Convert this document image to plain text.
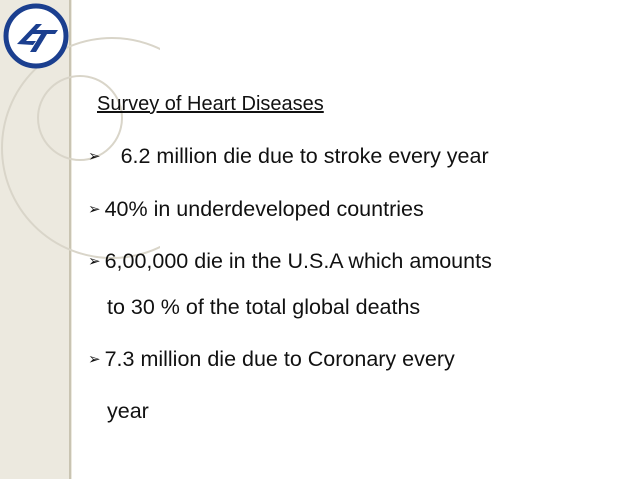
Survey of Heart Diseases
➢ 6.2 million die due to stroke every year
➢ 40% in underdeveloped countries
➢ 6,00,000 die in the U.S.A which amounts
to 30 % of the total global deaths
➢ 7.3 million die due to Coronary every
year
